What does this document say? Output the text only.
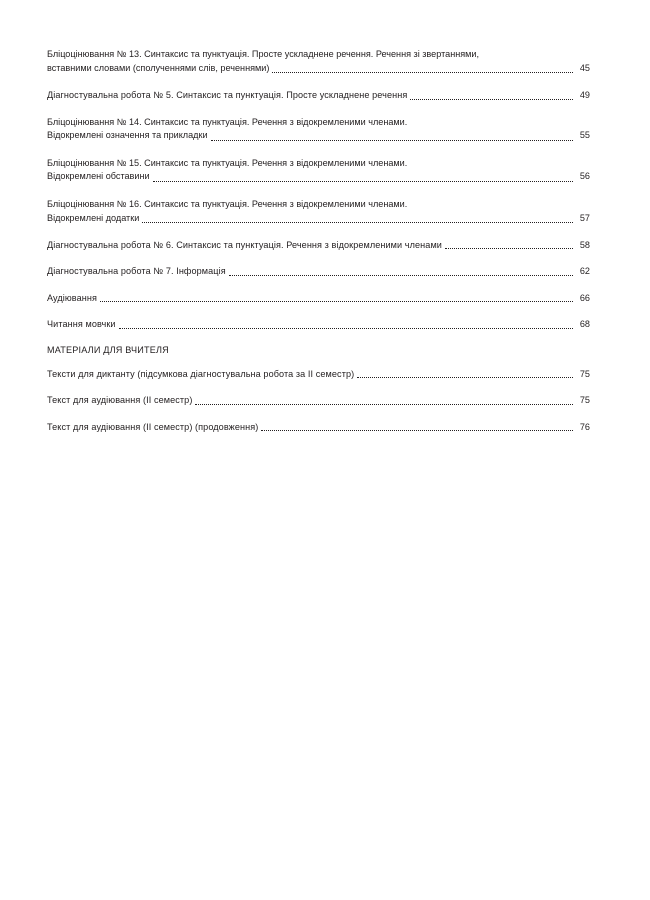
Бліцоцінювання № 13. Синтаксис та пунктуація. Просте ускладнене речення. Речення зі звертаннями,
вставними словами (сполученнями слів, реченнями)	45
Діагностувальна робота № 5. Синтаксис та пунктуація. Просте ускладнене речення	49
Бліцоцінювання № 14. Синтаксис та пунктуація. Речення з відокремленими членами.
Відокремлені означення та прикладки	55
Бліцоцінювання № 15. Синтаксис та пунктуація. Речення з відокремленими членами.
Відокремлені обставини	56
Бліцоцінювання № 16. Синтаксис та пунктуація. Речення з відокремленими членами.
Відокремлені додатки	57
Діагностувальна робота № 6. Синтаксис та пунктуація. Речення з відокремленими членами	58
Діагностувальна робота № 7. Інформація	62
Аудіювання	66
Читання мовчки	68
МАТЕРІАЛИ ДЛЯ ВЧИТЕЛЯ
Тексти для диктанту (підсумкова діагностувальна робота за ІІ семестр)	75
Текст для аудіювання (ІІ семестр)	75
Текст для аудіювання (ІІ семестр) (продовження)	76
